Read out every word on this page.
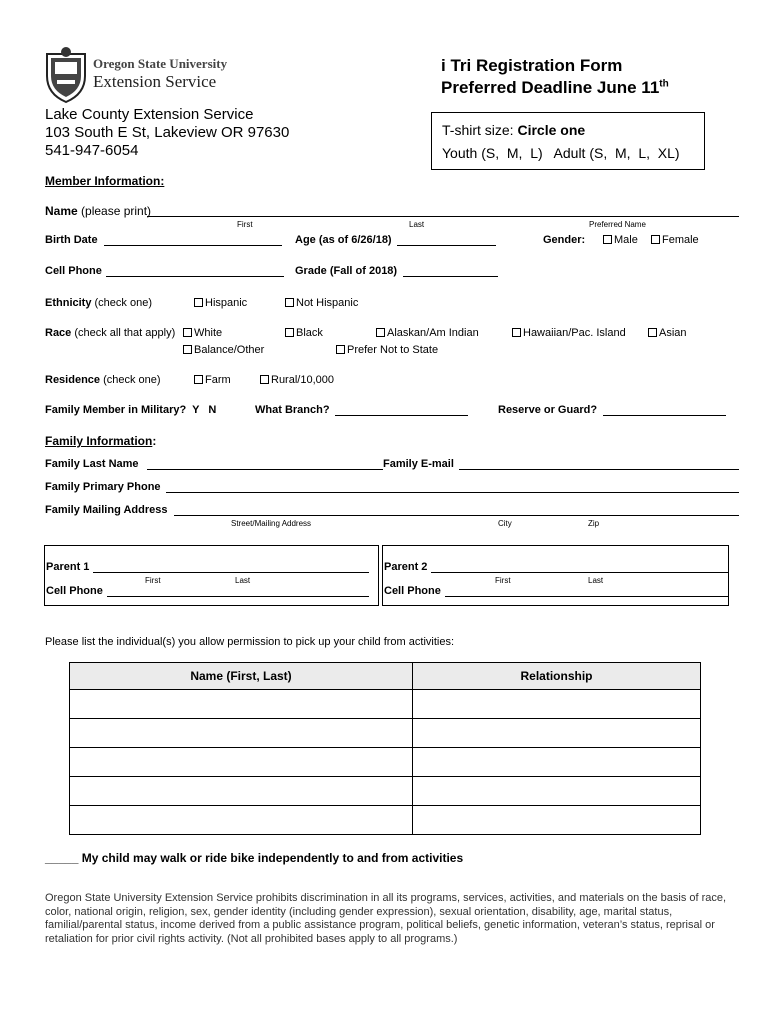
Oregon State University
Extension Service
i Tri Registration Form
Preferred Deadline June 11th
Lake County Extension Service
103 South E St, Lakeview OR 97630
541-947-6054
T-shirt size: Circle one
Youth (S,  M,  L)   Adult (S,  M,  L,  XL)
Member Information:
Name (please print)
First	Last	Preferred Name
Birth Date	Age (as of 6/26/18)	Gender:	Male	Female
Cell Phone	Grade (Fall of 2018)
Ethnicity (check one)	Hispanic	Not Hispanic
Race (check all that apply)	White	Black	Alaskan/Am Indian	Hawaiian/Pac. Island	Asian
Balance/Other	Prefer Not to State
Residence (check one)	Farm	Rural/10,000
Family Member in Military?  Y   N	What Branch?	Reserve or Guard?
Family Information:
Family Last Name	Family E-mail
Family Primary Phone
Family Mailing Address
Street/Mailing Address	City	Zip
Parent 1
First	Last
Cell Phone
Parent 2
First	Last
Cell Phone
Please list the individual(s) you allow permission to pick up your child from activities:
Name (First, Last)	Relationship

_____ My child may walk or ride bike independently to and from activities
Oregon State University Extension Service prohibits discrimination in all its programs, services, activities, and materials on the basis of race, color, national origin, religion, sex, gender identity (including gender expression), sexual orientation, disability, age, marital status, familial/parental status, income derived from a public assistance program, political beliefs, genetic information, veteran’s status, reprisal or retaliation for prior civil rights activity. (Not all prohibited bases apply to all programs.)
